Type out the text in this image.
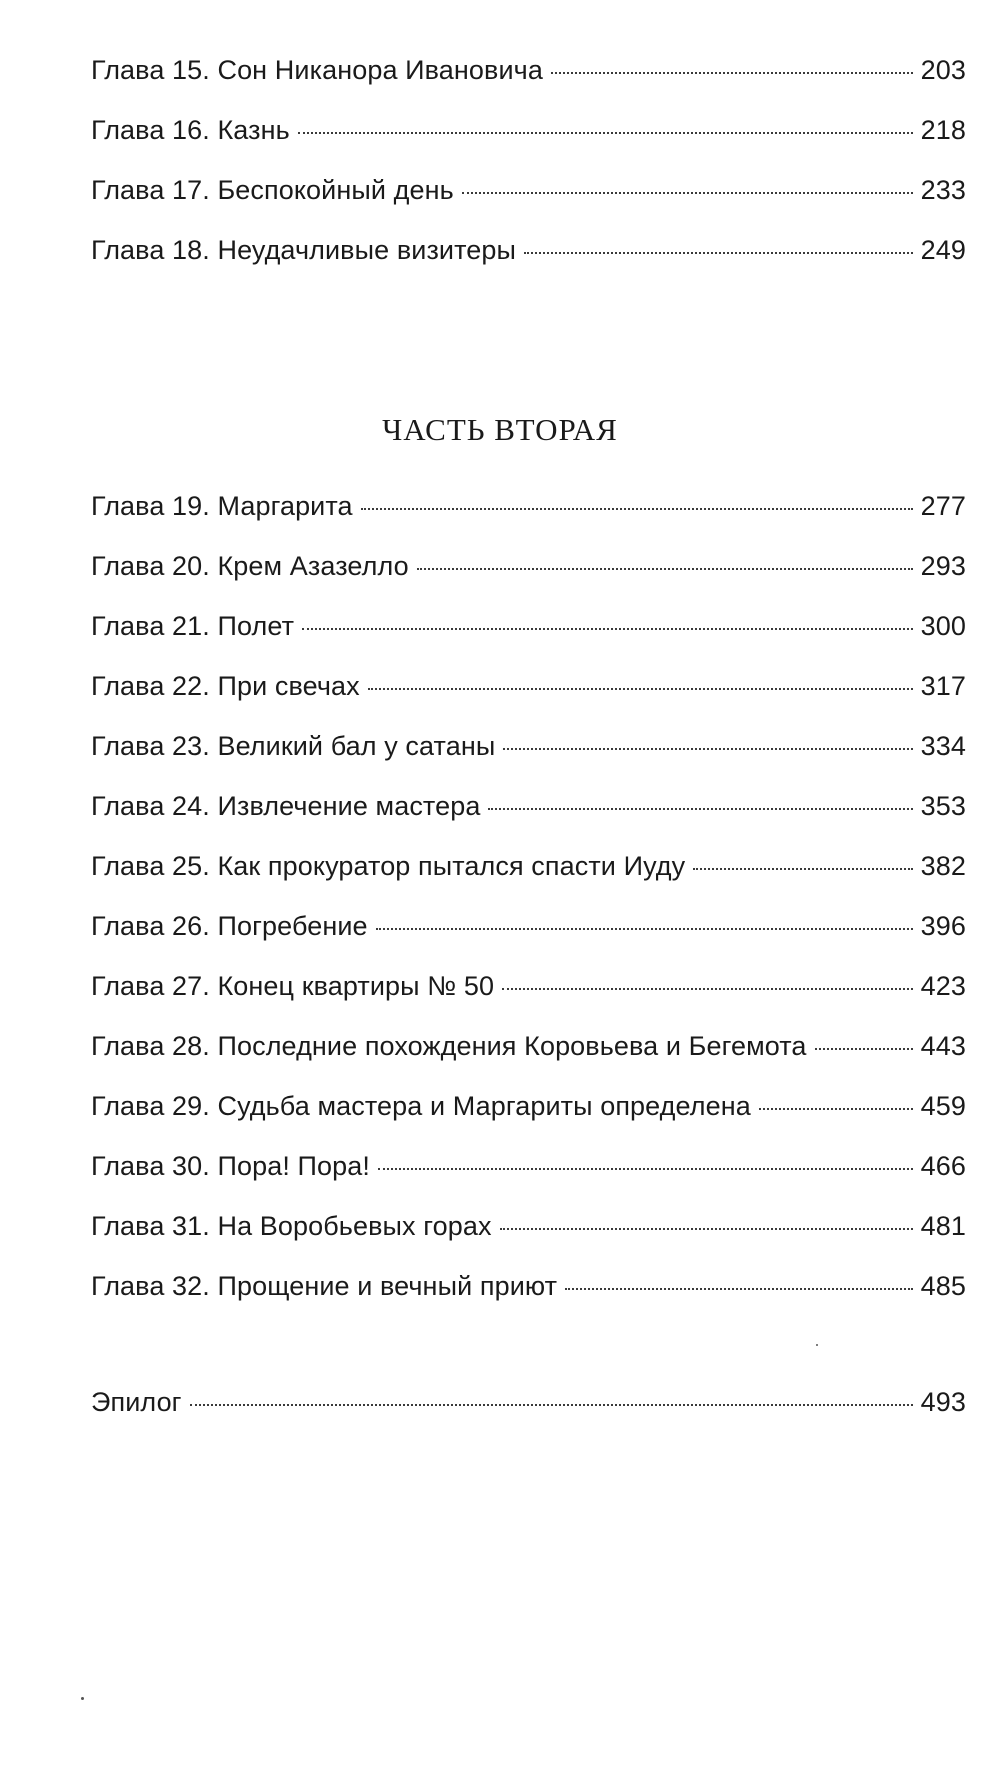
Глава 15. Сон Никанора Ивановича	203
Глава 16. Казнь	218
Глава 17. Беспокойный день	233
Глава 18. Неудачливые визитеры	249
ЧАСТЬ ВТОРАЯ
Глава 19. Маргарита	277
Глава 20. Крем Азазелло	293
Глава 21. Полет	300
Глава 22. При свечах	317
Глава 23. Великий бал у сатаны	334
Глава 24. Извлечение мастера	353
Глава 25. Как прокуратор пытался спасти Иуду	382
Глава 26. Погребение	396
Глава 27. Конец квартиры № 50	423
Глава 28. Последние похождения Коровьева и Бегемота	443
Глава 29. Судьба мастера и Маргариты определена	459
Глава 30. Пора! Пора!	466
Глава 31. На Воробьевых горах	481
Глава 32. Прощение и вечный приют	485
Эпилог	493
